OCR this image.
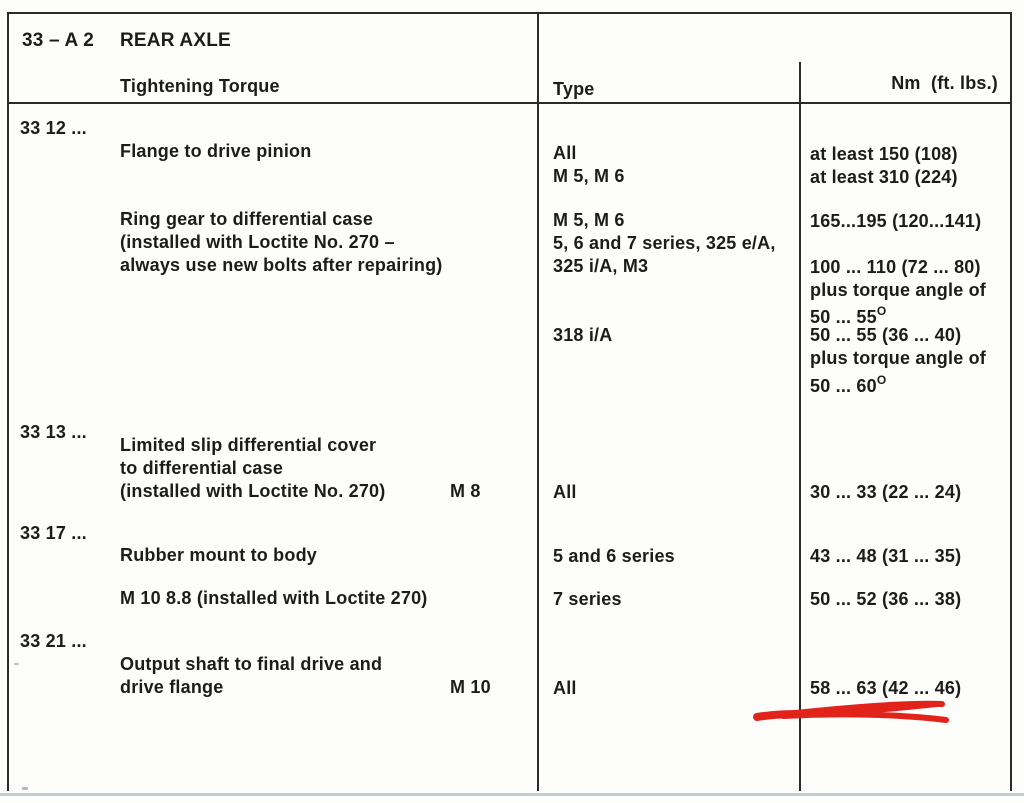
33 – A 2 REAR AXLE
Tightening Torque	Type	Nm  (ft. lbs.)
33 12 ...
Flange to drive pinion	All	at least 150 (108)
M 5, M 6	at least 310 (224)
Ring gear to differential case
(installed with Loctite No. 270 –
always use new bolts after repairing)
M 5, M 6	165...195 (120...141)
5, 6 and 7 series, 325 e/A,
325 i/A, M3	100 ... 110 (72 ... 80)
plus torque angle of
50 ... $55^O$
318 i/A	50 ... 55 (36 ... 40)
plus torque angle of
50 ... $60^O$
33 13 ...
Limited slip differential cover
to differential case
(installed with Loctite No. 270)	M 8	All	30 ... 33 (22 ... 24)
33 17 ...
Rubber mount to body	5 and 6 series	43 ... 48 (31 ... 35)
M 10 8.8 (installed with Loctite 270)	7 series	50 ... 52 (36 ... 38)
33 21 ...
Output shaft to final drive and
drive flange	M 10	All	58 ... 63 (42 ... 46)
